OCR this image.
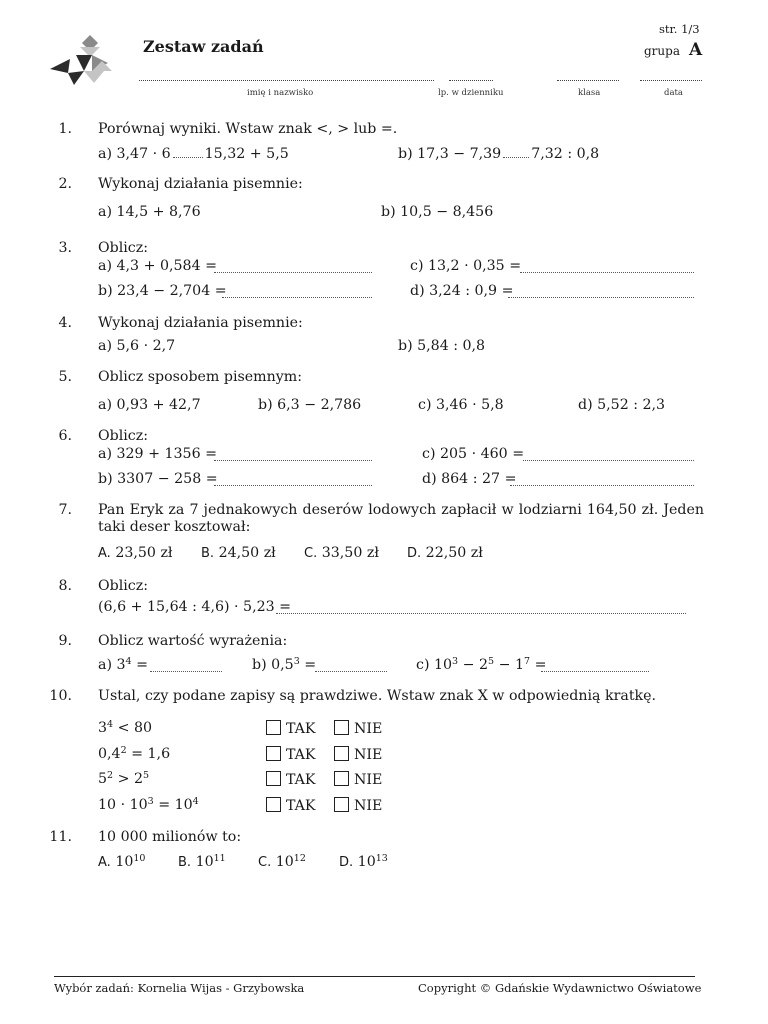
Zestaw zadań
str. 1/3
grupa A
imię i nazwisko	lp. w dzienniku	klasa	data
1. Porównaj wyniki. Wstaw znak <, > lub =.
a) 3,47 · 6 15,32 + 5,5	b) 17,3 − 7,39 7,32 : 0,8
2. Wykonaj działania pisemnie:
a) 14,5 + 8,76	b) 10,5 − 8,456
3. Oblicz:
a) 4,3 + 0,584 =	c) 13,2 · 0,35 =
b) 23,4 − 2,704 =	d) 3,24 : 0,9 =
4. Wykonaj działania pisemnie:
a) 5,6 · 2,7	b) 5,84 : 0,8
5. Oblicz sposobem pisemnym:
a) 0,93 + 42,7	b) 6,3 − 2,786	c) 3,46 · 5,8	d) 5,52 : 2,3
6. Oblicz:
a) 329 + 1356 =	c) 205 · 460 =
b) 3307 − 258 =	d) 864 : 27 =
7. Pan Eryk za 7 jednakowych deserów lodowych zapłacił w lodziarni 164,50 zł. Jeden taki deser kosztował:
A. 23,50 zł B. 24,50 zł C. 33,50 zł D. 22,50 zł
8. Oblicz:
(6,6 + 15,64 : 4,6) · 5,23 =
9. Oblicz wartość wyrażenia:
a) $3^4$ =	b) $0,5^3$ =	c) $10^3 - 2^5 - 1^7$ =
10. Ustal, czy podane zapisy są prawdziwe. Wstaw znak X w odpowiednią kratkę.
$3^4 < 80$	TAK	NIE
$0,4^2 = 1,6$	TAK	NIE
$5^2 > 2^5$	TAK	NIE
$10 \cdot 10^3 = 10^4$	TAK	NIE
11. 10 000 milionów to:
A. $10^{10}$	B. $10^{11}$ C. $10^{12}$	D. $10^{13}$
Wybór zadań: Kornelia Wijas - Grzybowska	Copyright © Gdańskie Wydawnictwo Oświatowe
